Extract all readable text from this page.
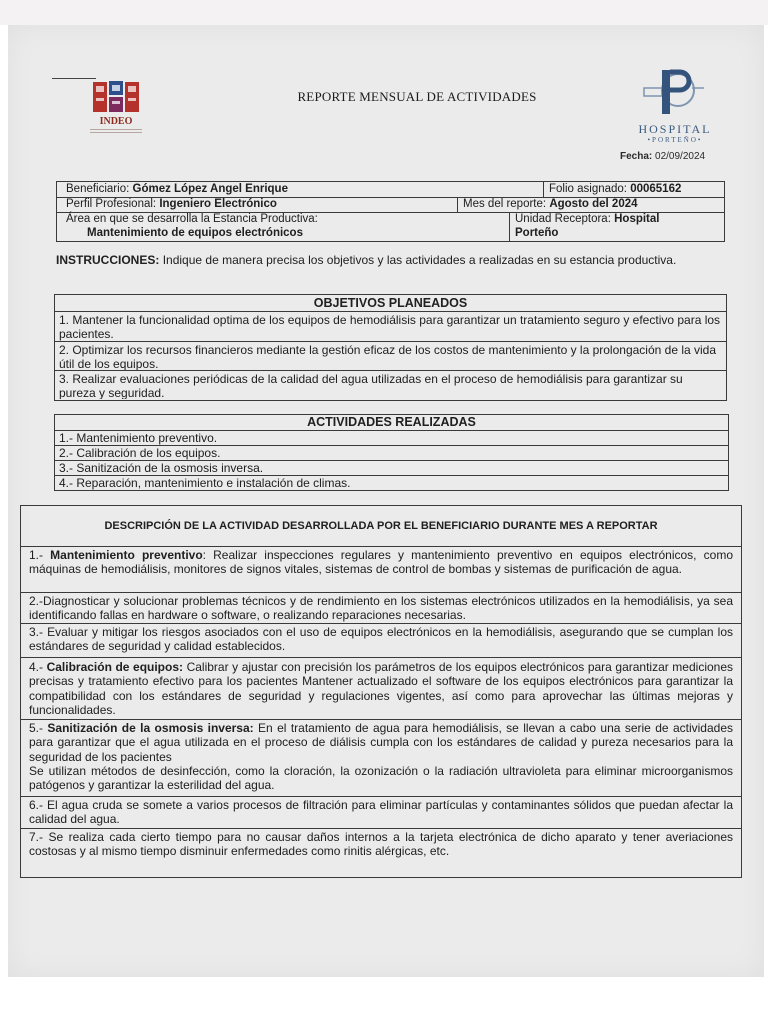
INDEO
REPORTE MENSUAL DE ACTIVIDADES
HOSPITAL
•PORTEÑO•
Fecha: 02/09/2024
Beneficiario: Gómez López Angel Enrique	Folio asignado: 00065162
Perfil Profesional: Ingeniero Electrónico	Mes del reporte: Agosto del 2024
Área en que se desarrolla la Estancia Productiva:
Mantenimiento de equipos electrónicos
Unidad Receptora: Hospital
Porteño
INSTRUCCIONES: Indique de manera precisa los objetivos y las actividades a realizadas en su estancia productiva.
OBJETIVOS PLANEADOS
1. Mantener la funcionalidad optima de los equipos de hemodiálisis para garantizar un tratamiento seguro y efectivo para los pacientes.
2. Optimizar los recursos financieros mediante la gestión eficaz de los costos de mantenimiento y la prolongación de la vida útil de los equipos.
3. Realizar evaluaciones periódicas de la calidad del agua utilizadas en el proceso de hemodiálisis para garantizar su pureza y seguridad.
ACTIVIDADES REALIZADAS
1.- Mantenimiento preventivo.
2.- Calibración de los equipos.
3.- Sanitización de la osmosis inversa.
4.- Reparación, mantenimiento e instalación de climas.
DESCRIPCIÓN DE LA ACTIVIDAD DESARROLLADA POR EL BENEFICIARIO DURANTE MES A REPORTAR
1.- Mantenimiento preventivo: Realizar inspecciones regulares y mantenimiento preventivo en equipos electrónicos, como máquinas de hemodiálisis, monitores de signos vitales, sistemas de control de bombas y sistemas de purificación de agua.
2.-Diagnosticar y solucionar problemas técnicos y de rendimiento en los sistemas electrónicos utilizados en la hemodiálisis, ya sea identificando fallas en hardware o software, o realizando reparaciones necesarias.
3.- Evaluar y mitigar los riesgos asociados con el uso de equipos electrónicos en la hemodiálisis, asegurando que se cumplan los estándares de seguridad y calidad establecidos.
4.- Calibración de equipos: Calibrar y ajustar con precisión los parámetros de los equipos electrónicos para garantizar mediciones precisas y tratamiento efectivo para los pacientes Mantener actualizado el software de los equipos electrónicos para garantizar la compatibilidad con los estándares de seguridad y regulaciones vigentes, así como para aprovechar las últimas mejoras y funcionalidades.
5.- Sanitización de la osmosis inversa: En el tratamiento de agua para hemodiálisis, se llevan a cabo una serie de actividades para garantizar que el agua utilizada en el proceso de diálisis cumpla con los estándares de calidad y pureza necesarios para la seguridad de los pacientes
Se utilizan métodos de desinfección, como la cloración, la ozonización o la radiación ultravioleta para eliminar microorganismos patógenos y garantizar la esterilidad del agua.
6.- El agua cruda se somete a varios procesos de filtración para eliminar partículas y contaminantes sólidos que puedan afectar la calidad del agua.
7.- Se realiza cada cierto tiempo para no causar daños internos a la tarjeta electrónica de dicho aparato y tener averiaciones costosas y al mismo tiempo disminuir enfermedades como rinitis alérgicas, etc.
